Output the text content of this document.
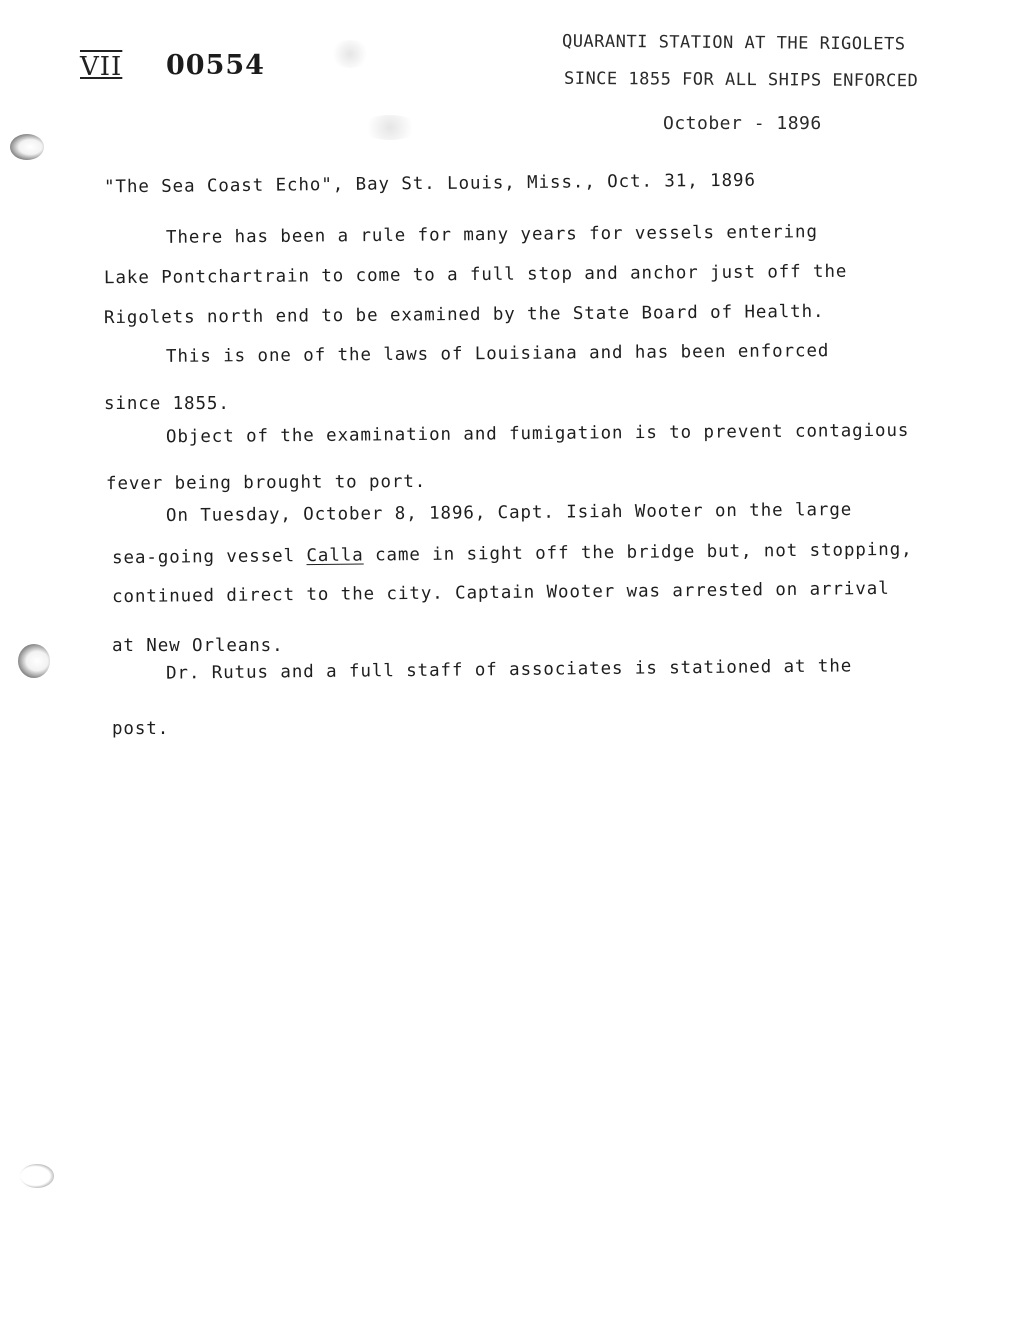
VII 00554
QUARANTI STATION AT THE RIGOLETS
SINCE 1855 FOR ALL SHIPS ENFORCED
October - 1896
"The Sea Coast Echo", Bay St. Louis, Miss., Oct. 31, 1896
There has been a rule for many years for vessels entering
Lake Pontchartrain to come to a full stop and anchor just off the
Rigolets north end to be examined by the State Board of Health.
This is one of the laws of Louisiana and has been enforced
since 1855.
Object of the examination and fumigation is to prevent contagious
fever being brought to port.
On Tuesday, October 8, 1896, Capt. Isiah Wooter on the large
sea-going vessel Calla came in sight off the bridge but, not stopping,
continued direct to the city. Captain Wooter was arrested on arrival
at New Orleans.
Dr. Rutus and a full staff of associates is stationed at the
post.
